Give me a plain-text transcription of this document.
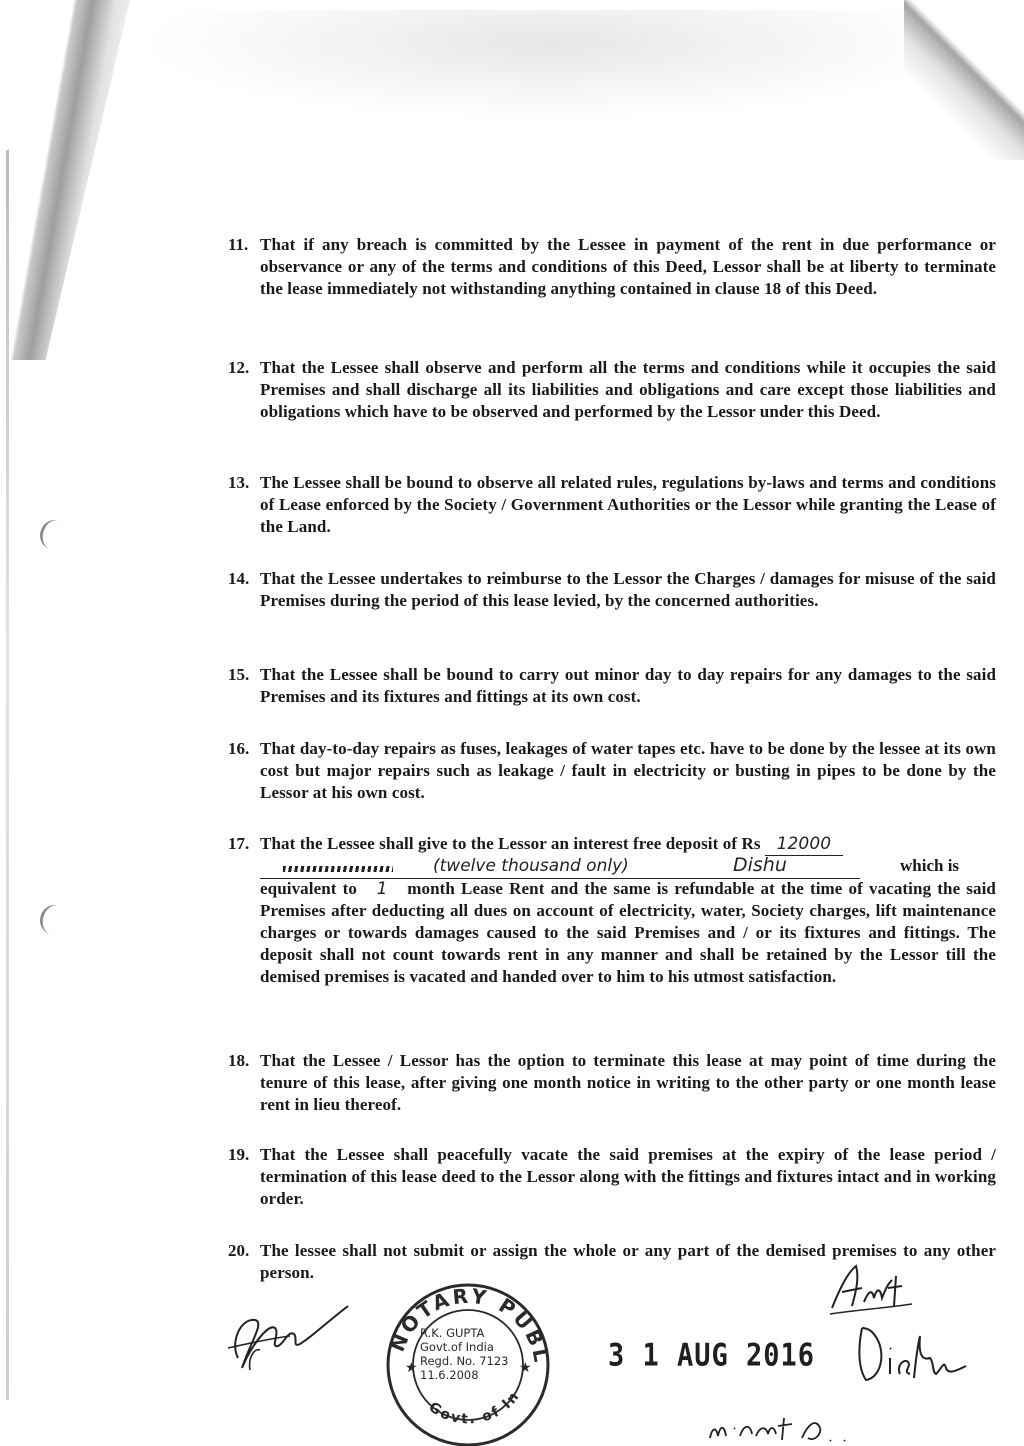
11. That if any breach is committed by the Lessee in payment of the rent in due performance or observance or any of the terms and conditions of this Deed, Lessor shall be at liberty to terminate the lease immediately not withstanding anything contained in clause 18 of this Deed.
12. That the Lessee shall observe and perform all the terms and conditions while it occupies the said Premises and shall discharge all its liabilities and obligations and care except those liabilities and obligations which have to be observed and performed by the Lessor under this Deed.
13. The Lessee shall be bound to observe all related rules, regulations by-laws and terms and conditions of Lease enforced by the Society / Government Authorities or the Lessor while granting the Lease of the Land.
14. That the Lessee undertakes to reimburse to the Lessor the Charges / damages for misuse of the said Premises during the period of this lease levied, by the concerned authorities.
15. That the Lessee shall be bound to carry out minor day to day repairs for any damages to the said Premises and its fixtures and fittings at its own cost.
16. That day-to-day repairs as fuses, leakages of water tapes etc. have to be done by the lessee at its own cost but major repairs such as leakage / fault in electricity or busting in pipes to be done by the Lessor at his own cost.
17. That the Lessee shall give to the Lessor an interest free deposit of Rs 12000
(twelve thousand only)	Dishu	which is
equivalent to 1 month Lease Rent and the same is refundable at the time of vacating the said Premises after deducting all dues on account of electricity, water, Society charges, lift maintenance charges or towards damages caused to the said Premises and / or its fixtures and fittings. The deposit shall not count towards rent in any manner and shall be retained by the Lessor till the demised premises is vacated and handed over to him to his utmost satisfaction.
18. That the Lessee / Lessor has the option to terminate this lease at may point of time during the tenure of this lease, after giving one month notice in writing to the other party or one month lease rent in lieu thereof.
19. That the Lessee shall peacefully vacate the said premises at the expiry of the lease period / termination of this lease deed to the Lessor along with the fittings and fixtures intact and in working order.
20. The lessee shall not submit or assign the whole or any part of the demised premises to any other person.
NOTARY PUBL
Govt. of In
★	★
R.K. GUPTA
Govt.of India
Regd. No. 7123
11.6.2008
3 1 AUG 2016
